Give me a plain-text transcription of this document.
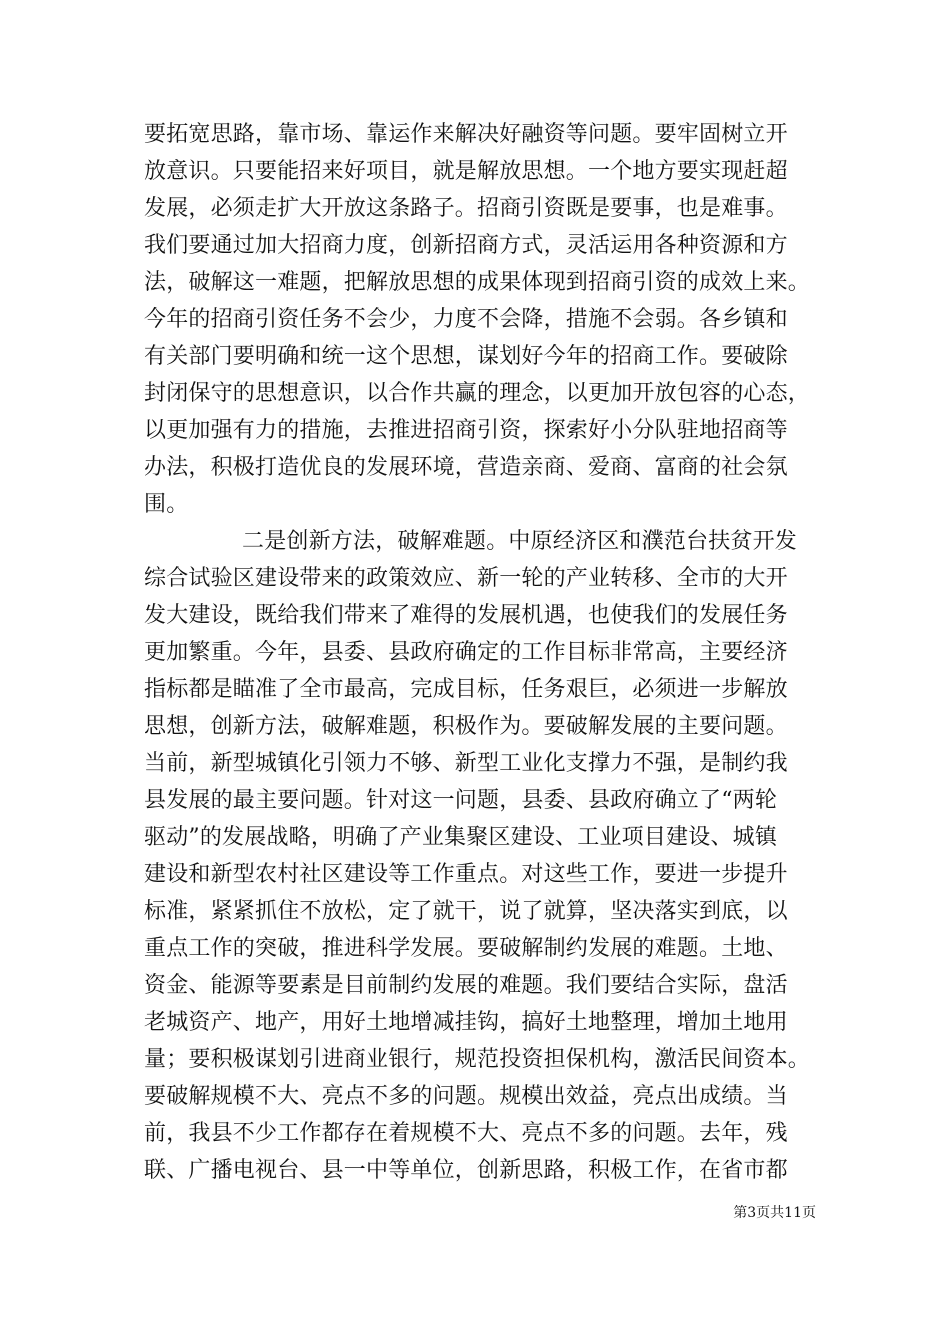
要拓宽思路，靠市场、靠运作来解决好融资等问题。要牢固树立开
放意识。只要能招来好项目，就是解放思想。一个地方要实现赶超
发展，必须走扩大开放这条路子。招商引资既是要事，也是难事。
我们要通过加大招商力度，创新招商方式，灵活运用各种资源和方
法，破解这一难题，把解放思想的成果体现到招商引资的成效上来。
今年的招商引资任务不会少，力度不会降，措施不会弱。各乡镇和
有关部门要明确和统一这个思想，谋划好今年的招商工作。要破除
封闭保守的思想意识，以合作共赢的理念，以更加开放包容的心态，
以更加强有力的措施，去推进招商引资，探索好小分队驻地招商等
办法，积极打造优良的发展环境，营造亲商、爱商、富商的社会氛
围。
二是创新方法，破解难题。中原经济区和濮范台扶贫开发
综合试验区建设带来的政策效应、新一轮的产业转移、全市的大开
发大建设，既给我们带来了难得的发展机遇，也使我们的发展任务
更加繁重。今年，县委、县政府确定的工作目标非常高，主要经济
指标都是瞄准了全市最高，完成目标，任务艰巨，必须进一步解放
思想，创新方法，破解难题，积极作为。要破解发展的主要问题。
当前，新型城镇化引领力不够、新型工业化支撑力不强，是制约我
县发展的最主要问题。针对这一问题，县委、县政府确立了“两轮
驱动”的发展战略，明确了产业集聚区建设、工业项目建设、城镇
建设和新型农村社区建设等工作重点。对这些工作，要进一步提升
标准，紧紧抓住不放松，定了就干，说了就算，坚决落实到底，以
重点工作的突破，推进科学发展。要破解制约发展的难题。土地、
资金、能源等要素是目前制约发展的难题。我们要结合实际，盘活
老城资产、地产，用好土地增减挂钩，搞好土地整理，增加土地用
量；要积极谋划引进商业银行，规范投资担保机构，激活民间资本。
要破解规模不大、亮点不多的问题。规模出效益，亮点出成绩。当
前，我县不少工作都存在着规模不大、亮点不多的问题。去年，残
联、广播电视台、县一中等单位，创新思路，积极工作，在省市都
第3页共11页
